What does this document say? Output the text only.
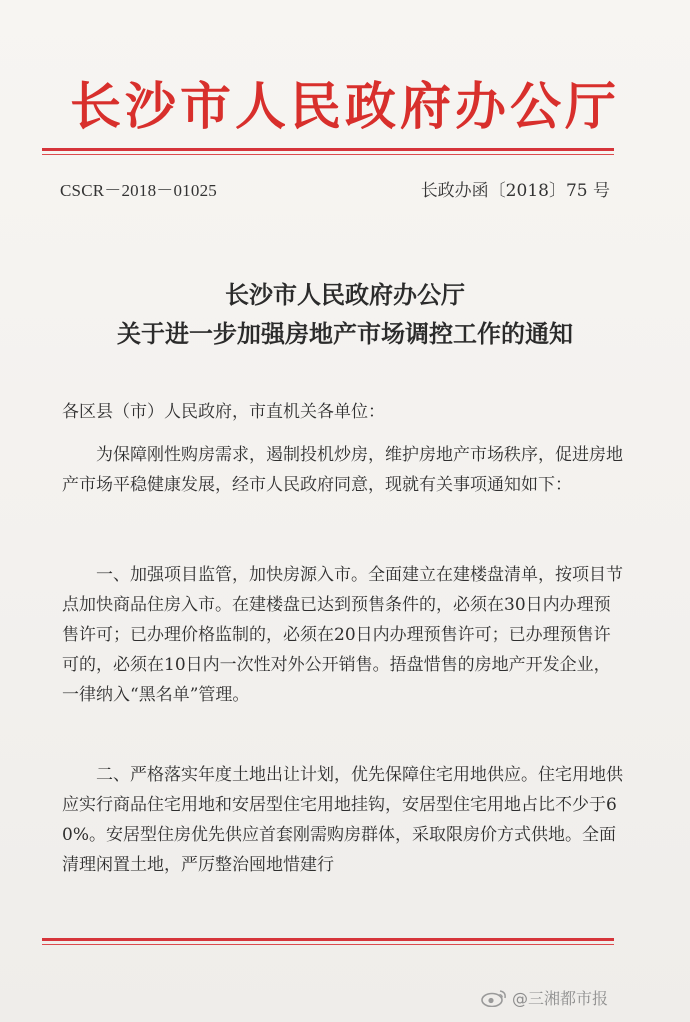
长沙市人民政府办公厅
CSCR－2018－01025	长政办函〔2018〕75 号
长沙市人民政府办公厅
关于进一步加强房地产市场调控工作的通知
各区县（市）人民政府，市直机关各单位：

为保障刚性购房需求，遏制投机炒房，维护房地产市场秩序，促进房地产市场平稳健康发展，经市人民政府同意，现就有关事项通知如下：

一、加强项目监管，加快房源入市。全面建立在建楼盘清单，按项目节点加快商品住房入市。在建楼盘已达到预售条件的，必须在30日内办理预售许可；已办理价格监制的，必须在20日内办理预售许可；已办理预售许可的，必须在10日内一次性对外公开销售。捂盘惜售的房地产开发企业，一律纳入“黑名单”管理。

二、严格落实年度土地出让计划，优先保障住宅用地供应。住宅用地供应实行商品住宅用地和安居型住宅用地挂钩，安居型住宅用地占比不少于60%。安居型住房优先供应首套刚需购房群体，采取限房价方式供地。全面清理闲置土地，严厉整治囤地惜建行

@三湘都市报
